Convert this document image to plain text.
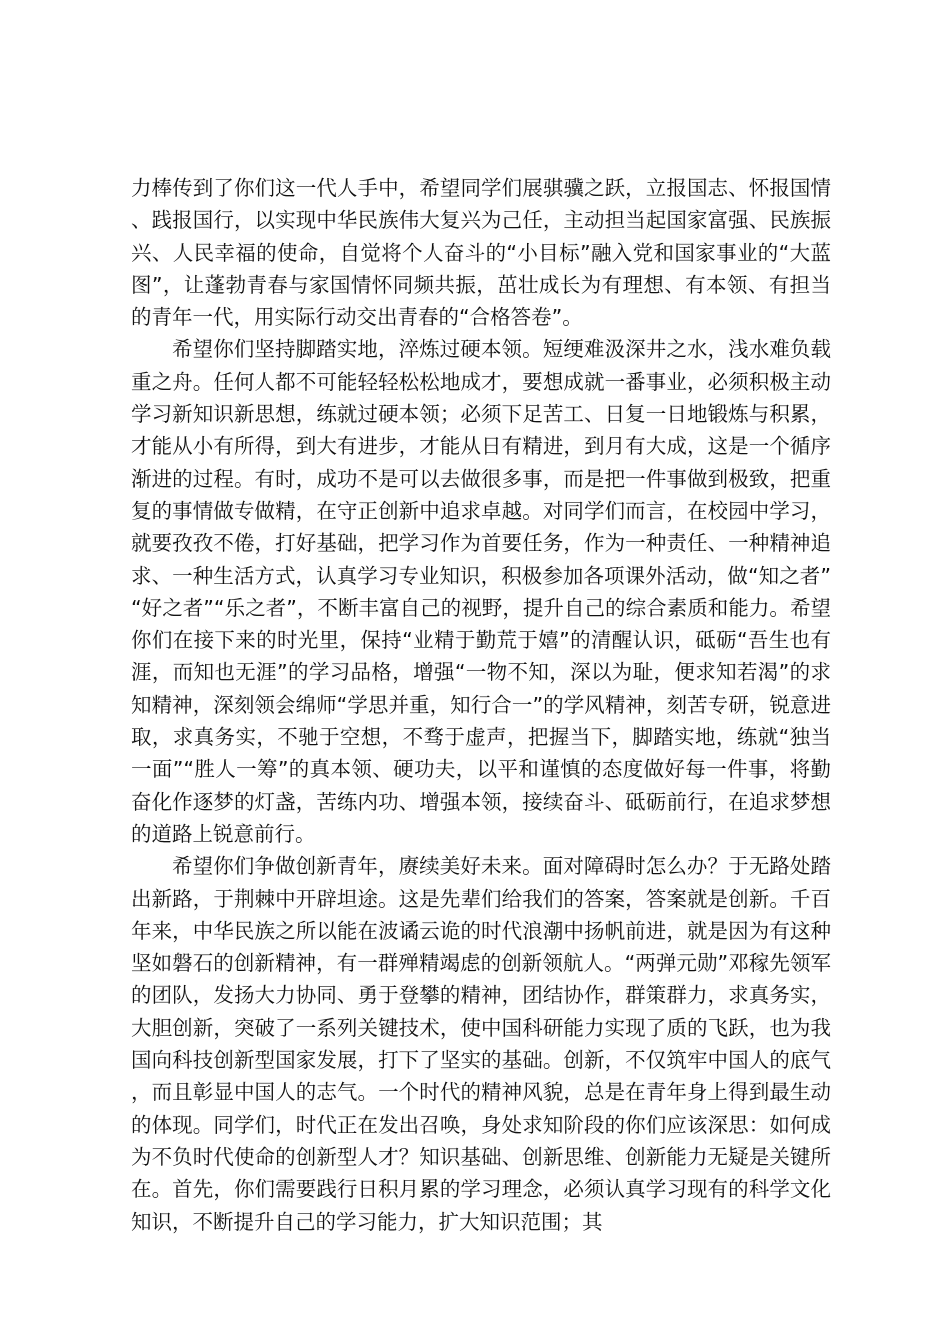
力棒传到了你们这一代人手中，希望同学们展骐骥之跃，立报国志、怀报国情、践报国行，以实现中华民族伟大复兴为己任，主动担当起国家富强、民族振兴、人民幸福的使命，自觉将个人奋斗的“小目标”融入党和国家事业的“大蓝图”，让蓬勃青春与家国情怀同频共振，茁壮成长为有理想、有本领、有担当的青年一代，用实际行动交出青春的“合格答卷”。

希望你们坚持脚踏实地，淬炼过硬本领。短绠难汲深井之水，浅水难负载重之舟。任何人都不可能轻轻松松地成才，要想成就一番事业，必须积极主动学习新知识新思想，练就过硬本领；必须下足苦工、日复一日地锻炼与积累，才能从小有所得，到大有进步，才能从日有精进，到月有大成，这是一个循序渐进的过程。有时，成功不是可以去做很多事，而是把一件事做到极致，把重复的事情做专做精，在守正创新中追求卓越。对同学们而言，在校园中学习，就要孜孜不倦，打好基础，把学习作为首要任务，作为一种责任、一种精神追求、一种生活方式，认真学习专业知识，积极参加各项课外活动，做“知之者”“好之者”“乐之者”，不断丰富自己的视野，提升自己的综合素质和能力。希望你们在接下来的时光里，保持“业精于勤荒于嬉”的清醒认识，砥砺“吾生也有涯，而知也无涯”的学习品格，增强“一物不知，深以为耻，便求知若渴”的求知精神，深刻领会绵师“学思并重，知行合一”的学风精神，刻苦专研，锐意进取，求真务实，不驰于空想，不骛于虚声，把握当下，脚踏实地，练就“独当一面”“胜人一筹”的真本领、硬功夫，以平和谨慎的态度做好每一件事，将勤奋化作逐梦的灯盏，苦练内功、增强本领，接续奋斗、砥砺前行，在追求梦想的道路上锐意前行。

希望你们争做创新青年，赓续美好未来。面对障碍时怎么办？于无路处踏出新路，于荆棘中开辟坦途。这是先辈们给我们的答案，答案就是创新。千百年来，中华民族之所以能在波谲云诡的时代浪潮中扬帆前进，就是因为有这种坚如磐石的创新精神，有一群殚精竭虑的创新领航人。“两弹元勋”邓稼先领军的团队，发扬大力协同、勇于登攀的精神，团结协作，群策群力，求真务实，大胆创新，突破了一系列关键技术，使中国科研能力实现了质的飞跃，也为我国向科技创新型国家发展，打下了坚实的基础。创新，不仅筑牢中国人的底气，而且彰显中国人的志气。一个时代的精神风貌，总是在青年身上得到最生动的体现。同学们，时代正在发出召唤，身处求知阶段的你们应该深思：如何成为不负时代使命的创新型人才？知识基础、创新思维、创新能力无疑是关键所在。首先，你们需要践行日积月累的学习理念，必须认真学习现有的科学文化知识，不断提升自己的学习能力，扩大知识范围；其
